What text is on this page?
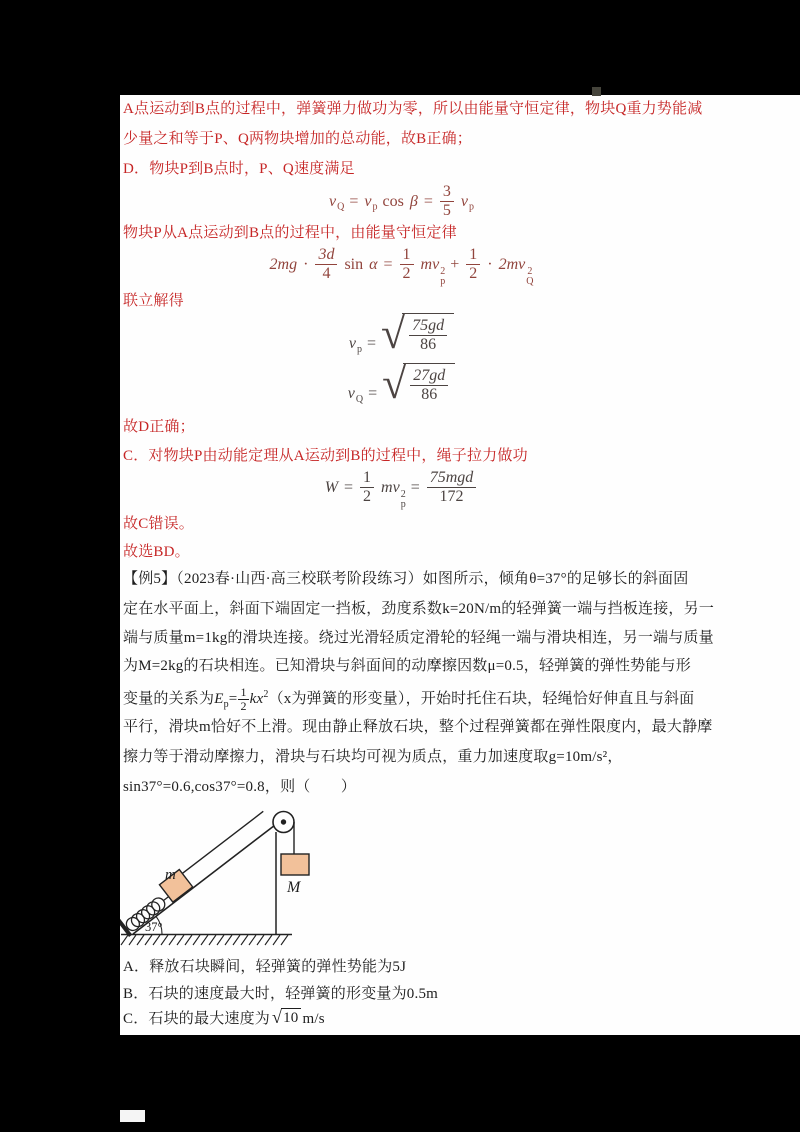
A点运动到B点的过程中，弹簧弹力做功为零，所以由能量守恒定律，物块Q重力势能减
少量之和等于P、Q两物块增加的总动能，故B正确；
D．物块P到B点时，P、Q速度满足
$v_Q = v_p$ $\cos \beta = \frac{3}{5} v_p$
物块P从A点运动到B点的过程中，由能量守恒定律
$2mg \cdot \frac{3d}{4}$ $\sin \alpha = \frac{1}{2}$ mv 2
p
+ $\frac{1}{2} \cdot 2mv$ 2
Q
联立解得
$v_p$ = √ $\frac{75gd}{86}$
$v_Q$ = √ $\frac{27gd}{86}$
故D正确；
C．对物块P由动能定理从A运动到B的过程中，绳子拉力做功
$W = \frac{1}{2}$ mv 2
p
= $\frac{\text{75mgd}}{172}$
故C错误。
故选BD。
【例5】（2023春·山西·高三校联考阶段练习）如图所示，倾角θ=37°的足够长的斜面固
定在水平面上，斜面下端固定一挡板，劲度系数k=20N/m的轻弹簧一端与挡板连接，另一
端与质量m=1kg的滑块连接。绕过光滑轻质定滑轮的轻绳一端与滑块相连，另一端与质量
为M=2kg的石块相连。已知滑块与斜面间的动摩擦因数μ=0.5，轻弹簧的弹性势能与形
变量的关系为$E_p= \frac{1}{2} kx^2(x$为弹簧的形变量），开始时托住石块，轻绳恰好伸直且与斜面
平行，滑块m恰好不上滑。现由静止释放石块，整个过程弹簧都在弹性限度内，最大静摩
擦力等于滑动摩擦力，滑块与石块均可视为质点，重力加速度取g=10m/s²，
sin37°=0.6,cos37°=0.8，则（　　）
37°
m
M
A．释放石块瞬间，轻弹簧的弹性势能为5J
B．石块的速度最大时，轻弹簧的形变量为0.5m
C．石块的最大速度为 √ 10 m/s
